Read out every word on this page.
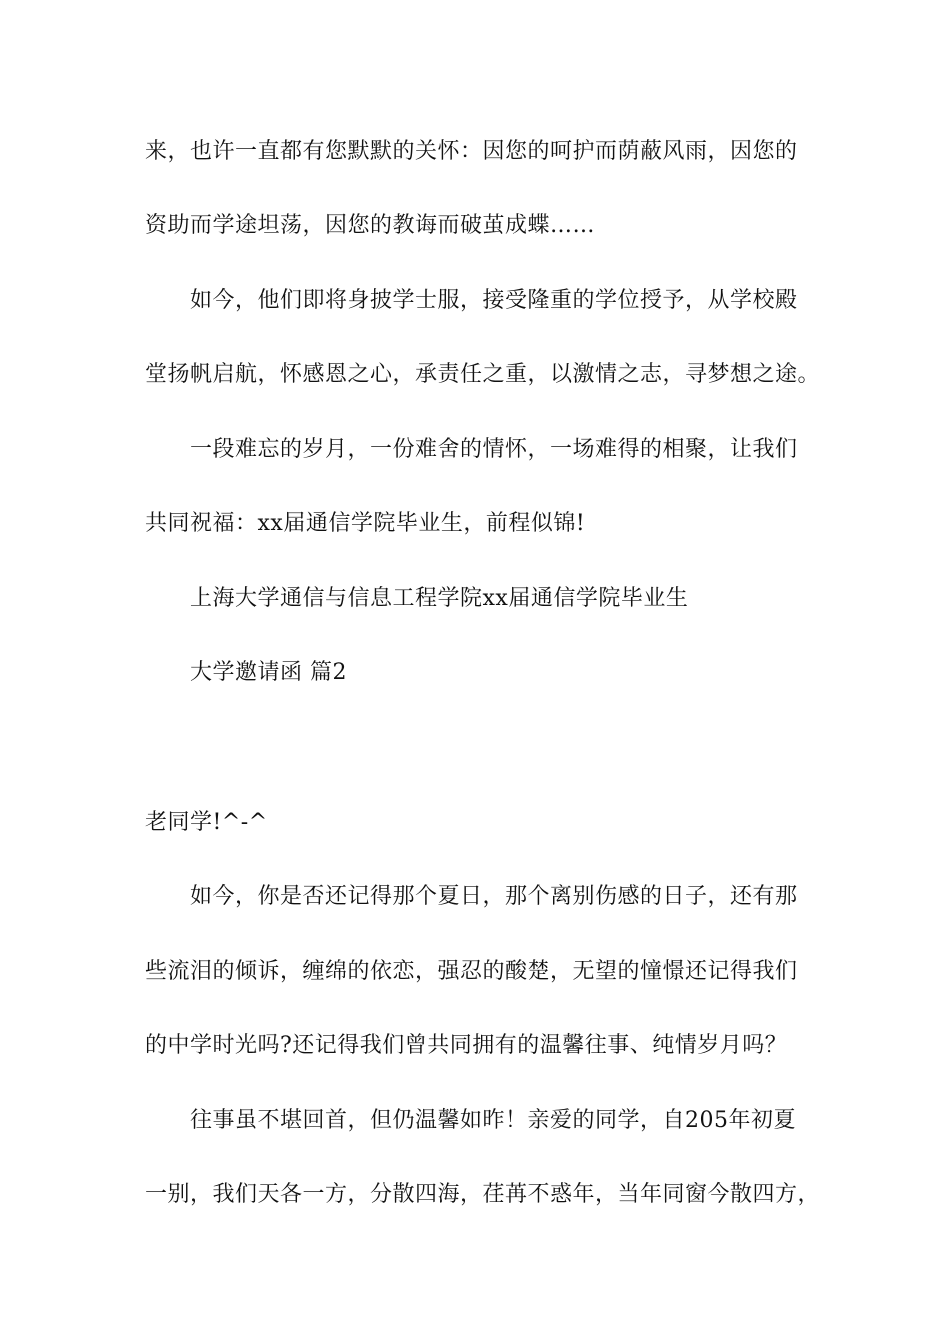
来，也许一直都有您默默的关怀：因您的呵护而荫蔽风雨，因您的
资助而学途坦荡，因您的教诲而破茧成蝶……
如今，他们即将身披学士服，接受隆重的学位授予，从学校殿
堂扬帆启航，怀感恩之心，承责任之重，以激情之志，寻梦想之途。
一段难忘的岁月，一份难舍的情怀，一场难得的相聚，让我们
共同祝福：xx届通信学院毕业生，前程似锦!
上海大学通信与信息工程学院xx届通信学院毕业生
大学邀请函 篇2
老同学!^-^
如今，你是否还记得那个夏日，那个离别伤感的日子，还有那
些流泪的倾诉，缠绵的依恋，强忍的酸楚，无望的憧憬还记得我们
的中学时光吗?还记得我们曾共同拥有的温馨往事、纯情岁月吗？
往事虽不堪回首，但仍温馨如昨！亲爱的同学，自205年初夏
一别，我们天各一方，分散四海，荏苒不惑年，当年同窗今散四方，
